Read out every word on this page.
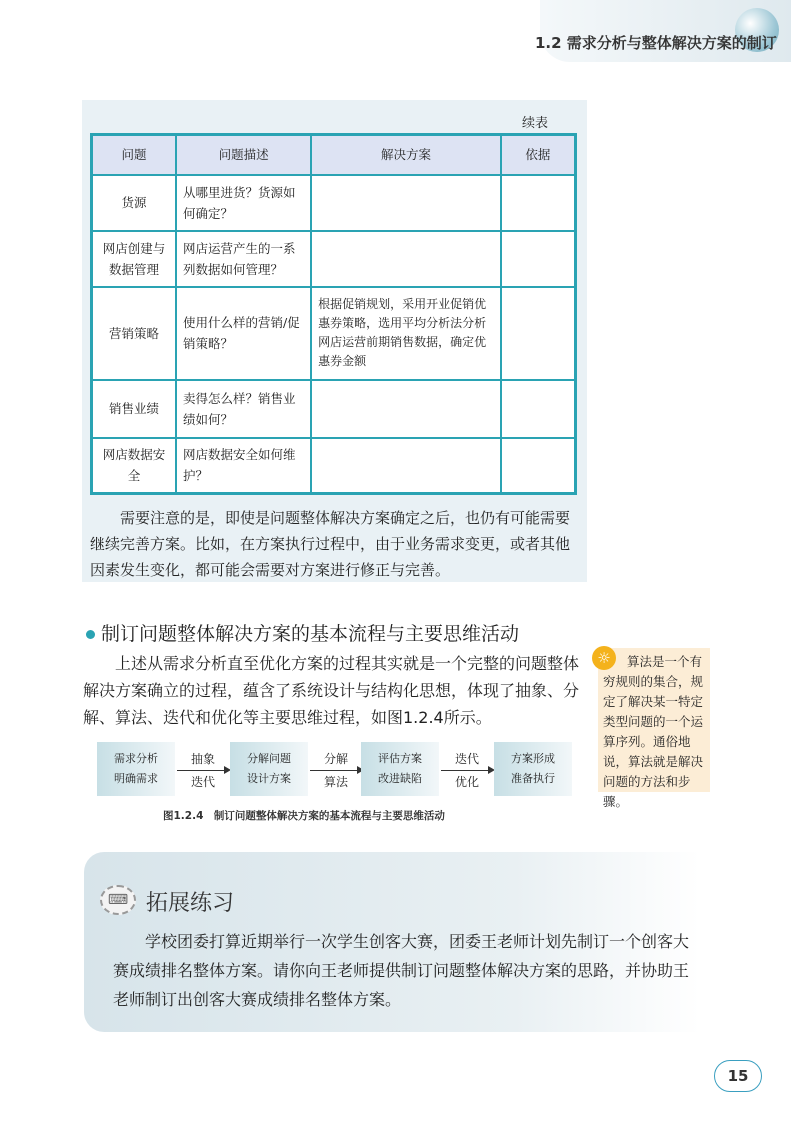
1.2 需求分析与整体解决方案的制订
续表
问题	问题描述	解决方案	依据
货源	从哪里进货？货源如何确定？		
网店创建与数据管理	网店运营产生的一系列数据如何管理？		
营销策略	使用什么样的营销/促销策略？	根据促销规划，采用开业促销优惠券策略，选用平均分析法分析网店运营前期销售数据，确定优惠券金额	
销售业绩	卖得怎么样？销售业绩如何？		
网店数据安全	网店数据安全如何维护？		
需要注意的是，即使是问题整体解决方案确定之后，也仍有可能需要继续完善方案。比如，在方案执行过程中，由于业务需求变更，或者其他因素发生变化，都可能会需要对方案进行修正与完善。
制订问题整体解决方案的基本流程与主要思维活动
上述从需求分析直至优化方案的过程其实就是一个完整的问题整体解决方案确立的过程，蕴含了系统设计与结构化思想，体现了抽象、分解、算法、迭代和优化等主要思维过程，如图1.2.4所示。
☼	算法是一个有穷规则的集合，规定了解决某一特定类型问题的一个运算序列。通俗地说，算法就是解决问题的方法和步骤。
需求分析
明确需求
抽象
迭代
分解问题
设计方案
分解
算法
评估方案
改进缺陷
迭代
优化
方案形成
准备执行
图1.2.4　制订问题整体解决方案的基本流程与主要思维活动
⌨ 拓展练习
学校团委打算近期举行一次学生创客大赛，团委王老师计划先制订一个创客大赛成绩排名整体方案。请你向王老师提供制订问题整体解决方案的思路，并协助王老师制订出创客大赛成绩排名整体方案。
15
